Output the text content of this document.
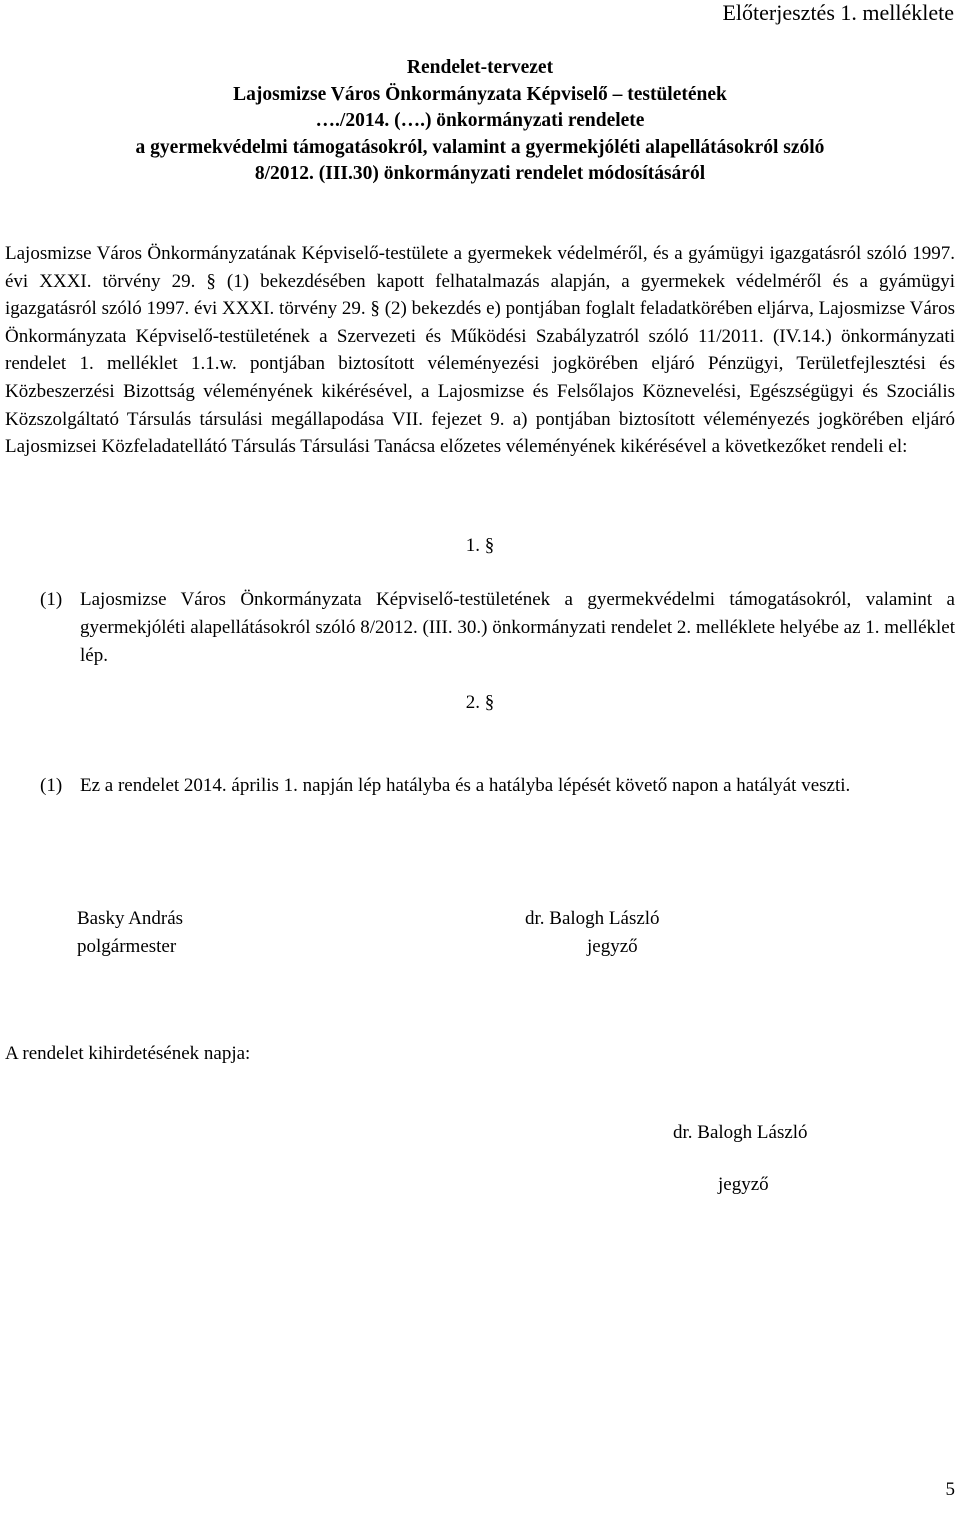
Előterjesztés 1. melléklete
Rendelet-tervezet
Lajosmizse Város Önkormányzata Képviselő – testületének
…./2014. (….) önkormányzati rendelete
a gyermekvédelmi támogatásokról, valamint a gyermekjóléti alapellátásokról szóló
8/2012. (III.30) önkormányzati rendelet módosításáról
Lajosmizse Város Önkormányzatának Képviselő-testülete a gyermekek védelméről, és a gyámügyi igazgatásról szóló 1997. évi XXXI. törvény 29. § (1) bekezdésében kapott felhatalmazás alapján, a gyermekek védelméről és a gyámügyi igazgatásról szóló 1997. évi XXXI. törvény 29. § (2) bekezdés e) pontjában foglalt feladatkörében eljárva, Lajosmizse Város Önkormányzata Képviselő-testületének a Szervezeti és Működési Szabályzatról szóló 11/2011. (IV.14.) önkormányzati rendelet 1. melléklet 1.1.w. pontjában biztosított véleményezési jogkörében eljáró Pénzügyi, Területfejlesztési és Közbeszerzési Bizottság véleményének kikérésével, a Lajosmizse és Felsőlajos Köznevelési, Egészségügyi és Szociális Közszolgáltató Társulás társulási megállapodása VII. fejezet 9. a) pontjában biztosított véleményezés jogkörében eljáró Lajosmizsei Közfeladatellátó Társulás Társulási Tanácsa előzetes véleményének kikérésével a következőket rendeli el:
1. §
(1) Lajosmizse Város Önkormányzata Képviselő-testületének a gyermekvédelmi támogatásokról, valamint a gyermekjóléti alapellátásokról szóló 8/2012. (III. 30.) önkormányzati rendelet 2. melléklete helyébe az 1. melléklet lép.
2. §
(1) Ez a rendelet 2014. április 1. napján lép hatályba és a hatályba lépését követő napon a hatályát veszti.
Basky András
polgármester
dr. Balogh László
jegyző
A rendelet kihirdetésének napja:
dr. Balogh László
jegyző
5
